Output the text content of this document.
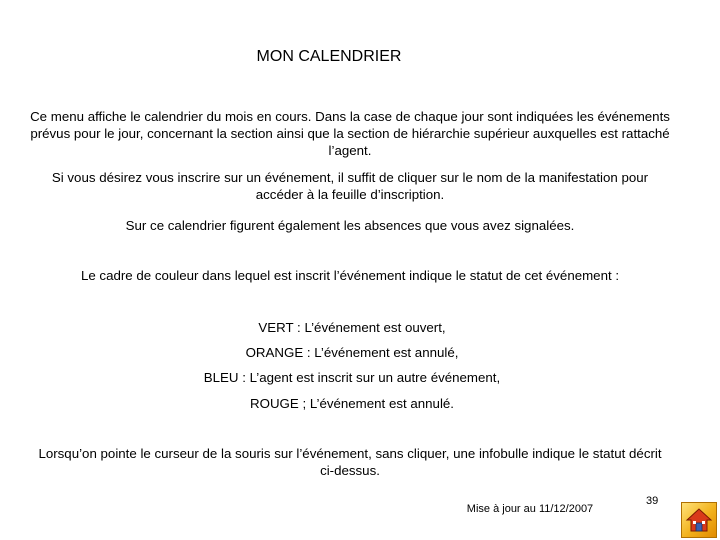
MON CALENDRIER
Ce menu affiche le calendrier du mois en cours. Dans la case de chaque jour sont indiquées les événements prévus pour le jour, concernant la section ainsi que la section de hiérarchie supérieur auxquelles est rattaché l’agent.
Si vous désirez vous inscrire sur un événement, il suffit de cliquer sur le nom de la manifestation pour accéder à la feuille d’inscription.
Sur ce calendrier figurent également les absences que vous avez signalées.
Le cadre de couleur dans lequel est inscrit l’événement indique le statut de cet événement :
VERT : L’événement est ouvert,
ORANGE : L’événement est annulé,
BLEU : L’agent est inscrit sur un autre événement,
ROUGE ; L’événement est annulé.
Lorsqu’on pointe le curseur de la souris sur l’événement, sans cliquer, une infobulle indique le statut décrit ci-dessus.
Mise à jour au 11/12/2007
39
